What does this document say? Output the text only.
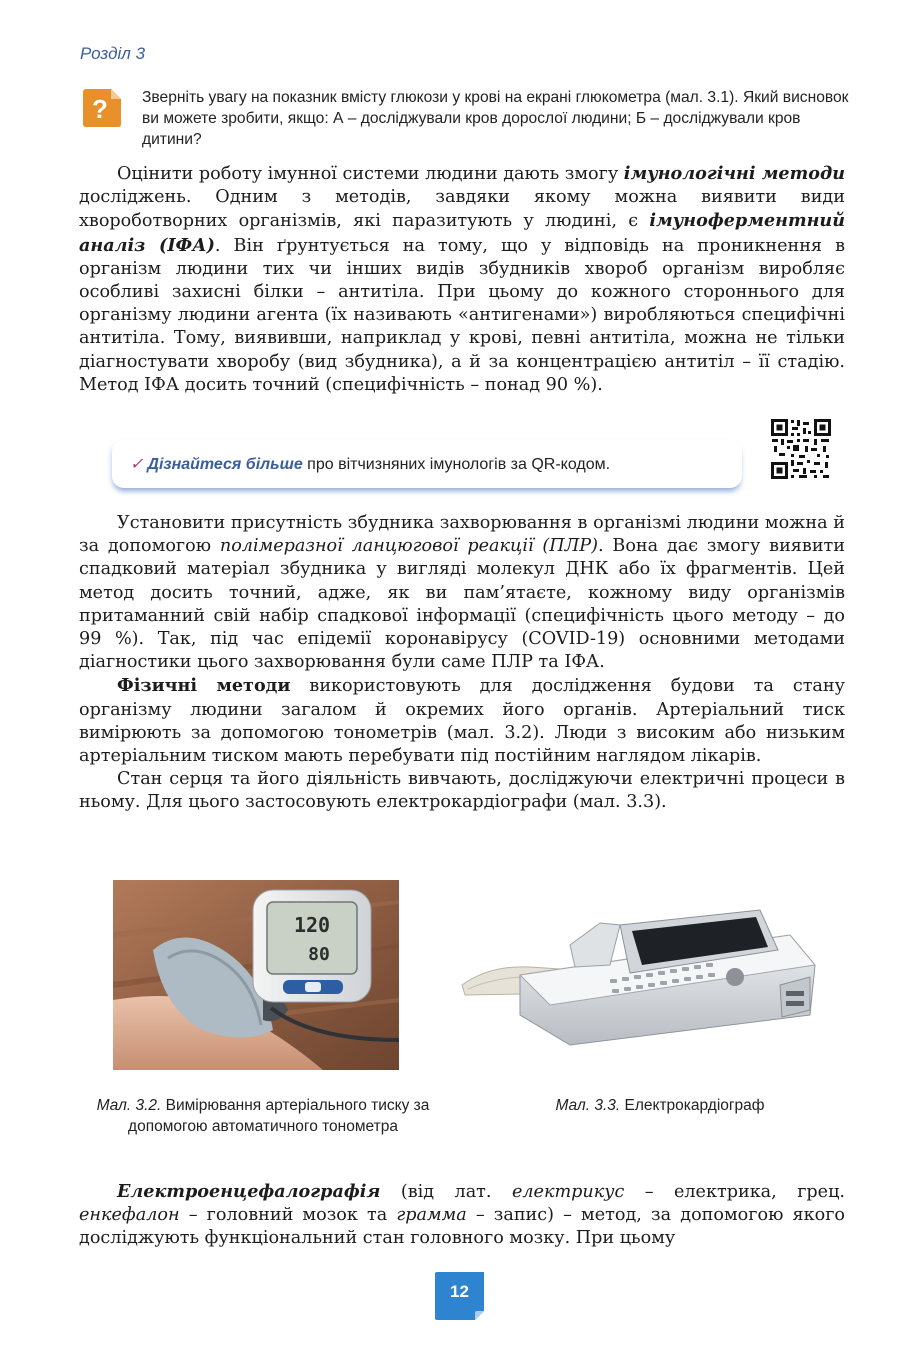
Розділ 3
? Зверніть увагу на показник вмісту глюкози у крові на екрані глюкометра (мал. 3.1). Який висновок ви можете зробити, якщо: А – досліджували кров дорослої людини; Б – досліджували кров дитини?

Оцінити роботу імунної системи людини дають змогу імунологічні методи досліджень. Одним з методів, завдяки якому можна виявити види хвороботворних організмів, які паразитують у людині, є імуноферментний аналіз (ІФА). Він ґрунтується на тому, що у відповідь на проникнення в організм людини тих чи інших видів збудників хвороб організм виробляє особливі захисні білки – антитіла. При цьому до кожного стороннього для організму людини агента (їх називають «антигенами») виробляються специфічні антитіла. Тому, виявивши, наприклад у крові, певні антитіла, можна не тільки діагностувати хворобу (вид збудника), а й за концентрацією антитіл – її стадію. Метод ІФА досить точний (специфічність – понад 90 %).

✓ Дізнайтеся більше про вітчизняних імунологів за QR-кодом.

Установити присутність збудника захворювання в організмі людини можна й за допомогою полімеразної ланцюгової реакції (ПЛР). Вона дає змогу виявити спадковий матеріал збудника у вигляді молекул ДНК або їх фрагментів. Цей метод досить точний, адже, як ви пам’ятаєте, кожному виду організмів притаманний свій набір спадкової інформації (специфічність цього методу – до 99 %). Так, під час епідемії коронавірусу (COVID-19) основними методами діагностики цього захворювання були саме ПЛР та ІФА.

Фізичні методи використовують для дослідження будови та стану організму людини загалом й окремих його органів. Артеріальний тиск вимірюють за допомогою тонометрів (мал. 3.2). Люди з високим або низьким артеріальним тиском мають перебувати під постійним наглядом лікарів.

Стан серця та його діяльність вивчають, досліджуючи електричні процеси в ньому. Для цього застосовують електрокардіографи (мал. 3.3).

120
80
Мал. 3.2. Вимірювання артеріального тиску за допомогою автоматичного тонометра
Мал. 3.3. Електрокардіограф

Електроенцефалографія (від лат. електрикус – електрика, грец. енкефалон – головний мозок та грамма – запис) – метод, за допомогою якого досліджують функціональний стан головного мозку. При цьому

12
